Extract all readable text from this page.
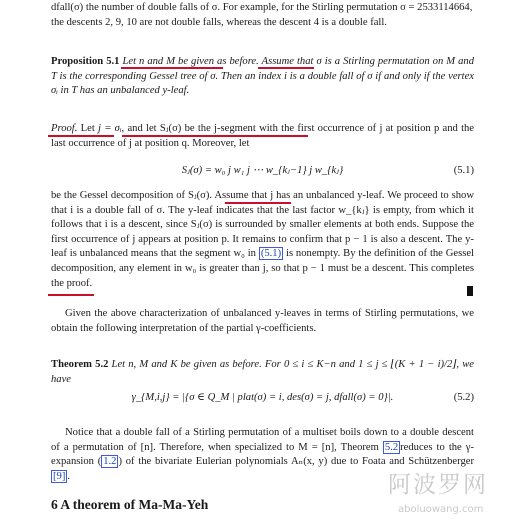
dfall(σ) the number of double falls of σ. For example, for the Stirling permutation σ = 2533114664,

the descents 2, 9, 10 are not double falls, whereas the descent 4 is a double fall.

Proposition 5.1 Let n and M be given as before. Assume that σ is a Stirling permutation on M and T is the corresponding Gessel tree of σ. Then an index i is a double fall of σ if and only if the vertex σᵢ in T has an unbalanced y-leaf.

Proof. Let j = σᵢ, and let Sⱼ(σ) be the j-segment with the first occurrence of j at position p and the last occurrence of j at position q. Moreover, let

Sⱼ(σ) = w₀ j w₁ j ⋯ w_{kⱼ−1} j w_{kⱼ}	(5.1)

be the Gessel decomposition of Sⱼ(σ). Assume that j has an unbalanced y-leaf. We proceed to show that i is a double fall of σ. The y-leaf indicates that the last factor w_{kⱼ} is empty, from which it follows that i is a descent, since Sⱼ(σ) is surrounded by smaller elements at both ends. Suppose the first occurrence of j appears at position p. It remains to confirm that p − 1 is also a descent. The y-leaf is unbalanced means that the segment w₀ in (5.1) is nonempty. By the definition of the Gessel decomposition, any element in w₀ is greater than j, so that p − 1 must be a descent. This completes the proof.

Given the above characterization of unbalanced y-leaves in terms of Stirling permutations, we obtain the following interpretation of the partial γ-coefficients.

Theorem 5.2 Let n, M and K be given as before. For 0 ≤ i ≤ K−n and 1 ≤ j ≤ ⌊(K + 1 − i)/2⌋, we have

γ_{M,i,j} = |{σ ∈ Q_M | plat(σ) = i, des(σ) = j, dfall(σ) = 0}|.	(5.2)

Notice that a double fall of a Stirling permutation of a multiset boils down to a double descent of a permutation of [n]. Therefore, when specialized to M = [n], Theorem 5.2 reduces to the γ-expansion ( 1.2 ) of the bivariate Eulerian polynomials Aₙ(x, y) due to Foata and Schützenberger [9] .

6 A theorem of Ma-Ma-Yeh
阿波罗网
aboluowang.com
